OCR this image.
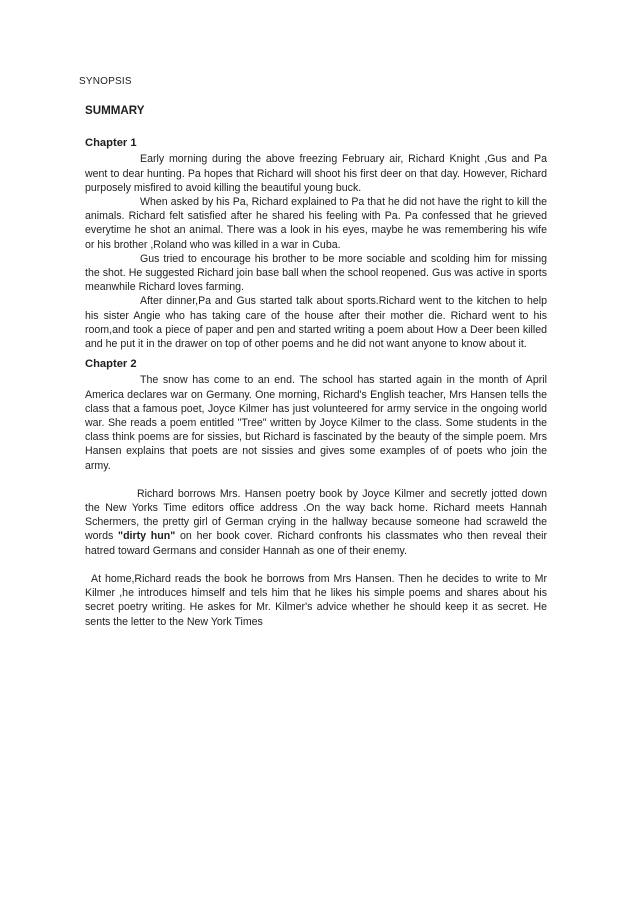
SYNOPSIS
SUMMARY
Chapter 1

Early morning during the above freezing February air, Richard Knight ,Gus and Pa went to dear hunting. Pa hopes that Richard will shoot his first deer on that day. However, Richard purposely misfired to avoid killing the beautiful young buck.

When asked by his Pa, Richard explained to Pa that he did not have the right to kill the animals. Richard felt satisfied after he shared his feeling with Pa. Pa confessed that he grieved everytime he shot an animal. There was a look in his eyes, maybe he was remembering his wife or his brother ,Roland who was killed in a war in Cuba.

Gus tried to encourage his brother to be more sociable and scolding him for missing the shot. He suggested Richard join base ball when the school reopened. Gus was active in sports meanwhile Richard loves farming.

After dinner,Pa and Gus started talk about sports.Richard went to the kitchen to help his sister Angie who has taking care of the house after their mother die. Richard went to his room,and took a piece of paper and pen and started writing a poem about How a Deer been killed and he put it in the drawer on top of other poems and he did not want anyone to know about it.

Chapter 2

The snow has come to an end. The school has started again in the month of April America declares war on Germany. One morning, Richard's English teacher, Mrs Hansen tells the class that a famous poet, Joyce Kilmer has just volunteered for army service in the ongoing world war. She reads a poem entitled "Tree" written by Joyce Kilmer to the class. Some students in the class think poems are for sissies, but Richard is fascinated by the beauty of the simple poem. Mrs Hansen explains that poets are not sissies and gives some examples of of poets who join the army.

Richard borrows Mrs. Hansen poetry book by Joyce Kilmer and secretly jotted down the New Yorks Time editors office address .On the way back home. Richard meets Hannah Schermers, the pretty girl of German crying in the hallway because someone had scraweld the words "dirty hun" on her book cover. Richard confronts his classmates who then reveal their hatred toward Germans and consider Hannah as one of their enemy.

At home,Richard reads the book he borrows from Mrs Hansen. Then he decides to write to Mr Kilmer ,he introduces himself and tels him that he likes his simple poems and shares about his secret poetry writing. He askes for Mr. Kilmer's advice whether he should keep it as secret. He sents the letter to the New York Times
